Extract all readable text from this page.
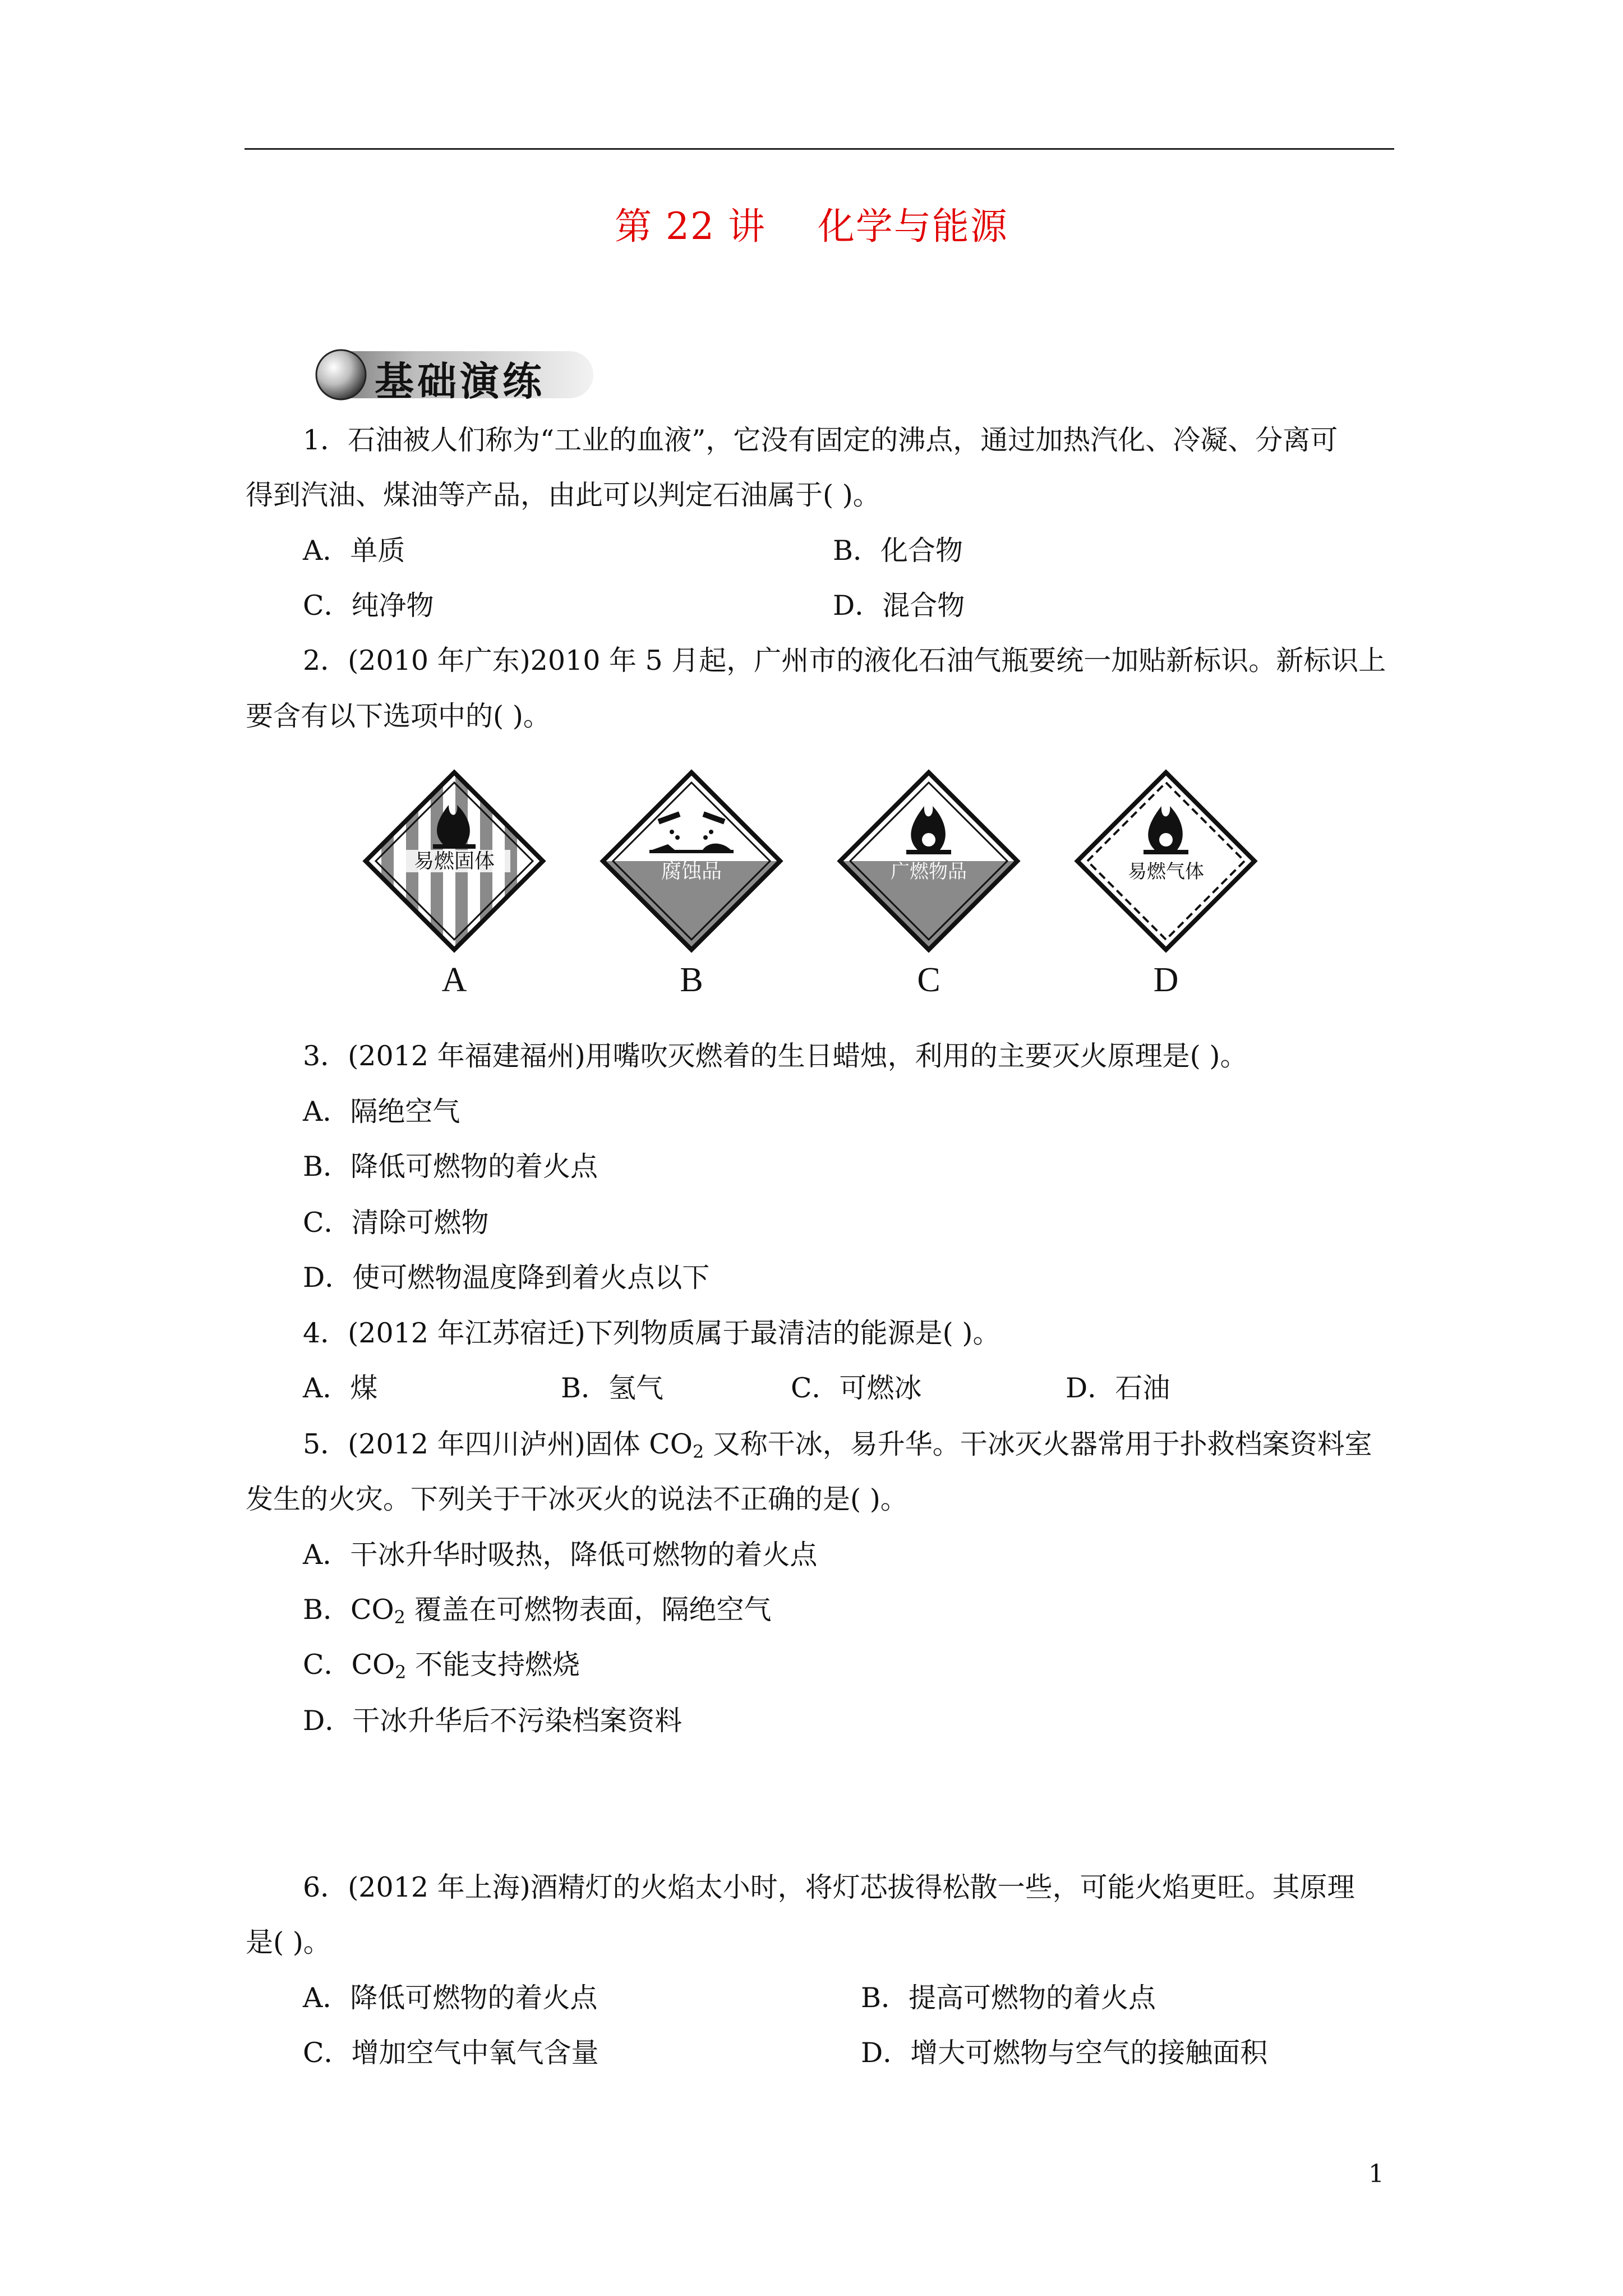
第 22 讲    化学与能源
基础演练
1．石油被人们称为“工业的血液”，它没有固定的沸点，通过加热汽化、冷凝、分离可
得到汽油、煤油等产品，由此可以判定石油属于( )。
A．单质	B．化合物
C．纯净物	D．混合物
2．(2010 年广东)2010 年 5 月起，广州市的液化石油气瓶要统一加贴新标识。新标识上
要含有以下选项中的( )。
易燃固体
A
腐蚀品
B
广燃物品
C
易燃气体
D
3．(2012 年福建福州)用嘴吹灭燃着的生日蜡烛，利用的主要灭火原理是( )。
A．隔绝空气
B．降低可燃物的着火点
C．清除可燃物
D．使可燃物温度降到着火点以下
4．(2012 年江苏宿迁)下列物质属于最清洁的能源是( )。
A．煤	B．氢气	C．可燃冰	D．石油
5．(2012 年四川泸州)固体 $CO_2$ 又称干冰，易升华。干冰灭火器常用于扑救档案资料室
发生的火灾。下列关于干冰灭火的说法不正确的是( )。
A．干冰升华时吸热，降低可燃物的着火点
B．$CO_2$ 覆盖在可燃物表面，隔绝空气
C．$CO_2$ 不能支持燃烧
D．干冰升华后不污染档案资料
6．(2012 年上海)酒精灯的火焰太小时，将灯芯拔得松散一些，可能火焰更旺。其原理
是( )。
A．降低可燃物的着火点	B．提高可燃物的着火点
C．增加空气中氧气含量	D．增大可燃物与空气的接触面积
1
